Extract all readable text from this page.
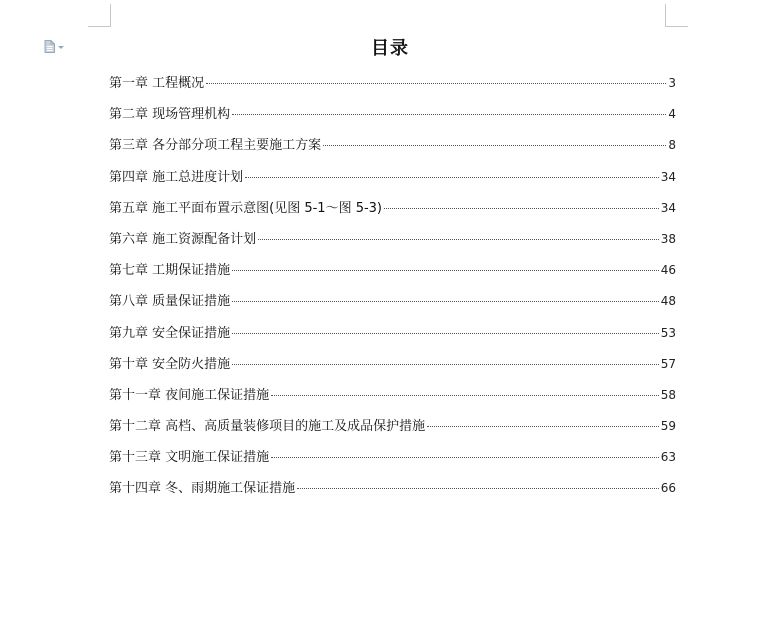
目录
第一章 工程概况	3
第二章 现场管理机构	4
第三章 各分部分项工程主要施工方案	8
第四章 施工总进度计划	34
第五章 施工平面布置示意图(见图 5-1～图 5-3)	34
第六章 施工资源配备计划	38
第七章 工期保证措施	46
第八章 质量保证措施	48
第九章 安全保证措施	53
第十章 安全防火措施	57
第十一章 夜间施工保证措施	58
第十二章 高档、高质量装修项目的施工及成品保护措施	59
第十三章 文明施工保证措施	63
第十四章 冬、雨期施工保证措施	66
